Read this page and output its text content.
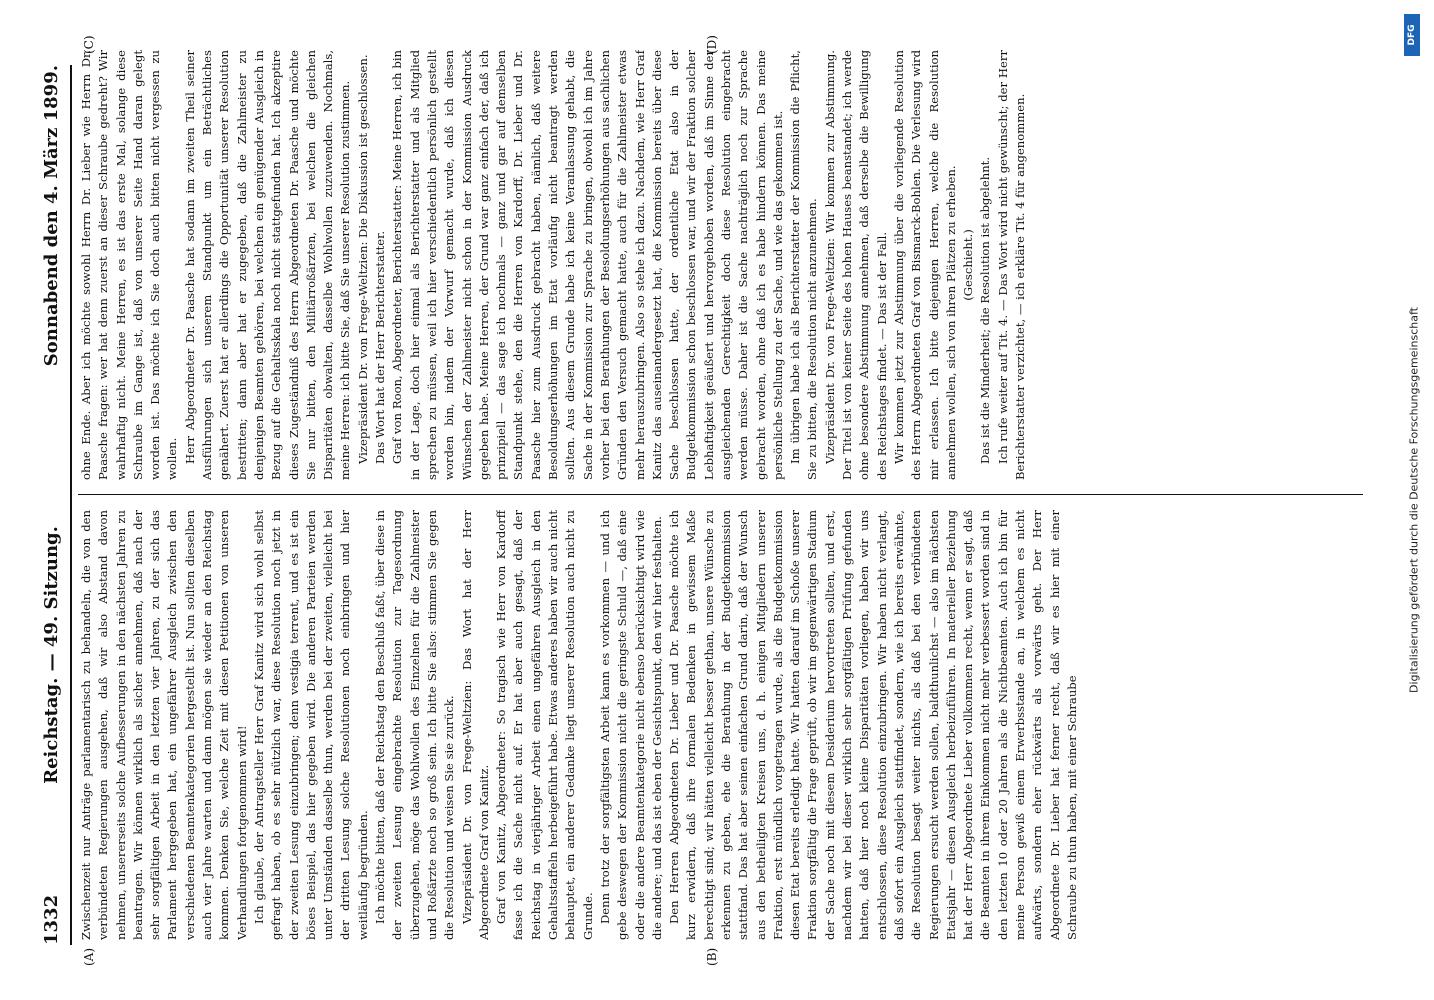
1332
Reichstag. — 49. Sitzung.
Sonnabend den 4. März 1899.
(A)	(B)
(C)	(D)

Zwischenzeit nur Anträge parlamentarisch zu behandeln, die von den verbündeten Regierungen ausgehen, daß wir also Abstand davon nehmen, unsererseits solche Aufbesserungen in den nächsten Jahren zu beantragen. Wir können wirklich als sicher annehmen, daß nach der sehr sorgfältigen Arbeit in den letzten vier Jahren, zu der sich das Parlament hergegeben hat, ein ungefährer Ausgleich zwischen den verschiedenen Beamtenkategorien hergestellt ist. Nun sollten dieselben auch vier Jahre warten und dann mögen sie wieder an den Reichstag kommen. Denken Sie, welche Zeit mit diesen Petitionen von unseren Verhandlungen fortgenommen wird! Ich glaube, der Antragsteller Herr Graf Kanitz wird sich wohl selbst gefragt haben, ob es sehr nützlich war, diese Resolution noch jetzt in der zweiten Lesung einzubringen; denn vestigia terrent, und es ist ein böses Beispiel, das hier gegeben wird. Die anderen Parteien werden unter Umständen dasselbe thun, werden bei der zweiten, vielleicht bei der dritten Lesung solche Resolutionen noch einbringen und hier weitläufig begründen. Ich möchte bitten, daß der Reichstag den Beschluß faßt, über diese in der zweiten Lesung eingebrachte Resolution zur Tagesordnung überzugehen, möge das Wohlwollen des Einzelnen für die Zahlmeister und Roßärzte noch so groß sein. Ich bitte Sie also: stimmen Sie gegen die Resolution und weisen Sie sie zurück. Vizepräsident Dr. von Frege-Weltzien: Das Wort hat der Herr Abgeordnete Graf von Kanitz. Graf von Kanitz, Abgeordneter: So tragisch wie Herr von Kardorff fasse ich die Sache nicht auf. Er hat aber auch gesagt, daß der Reichstag in vierjähriger Arbeit einen ungefähren Ausgleich in den Gehaltsstaffeln herbeigeführt habe. Etwas anderes haben wir auch nicht behauptet, ein anderer Gedanke liegt unserer Resolution auch nicht zu Grunde. Denn trotz der sorgfältigsten Arbeit kann es vorkommen — und ich gebe deswegen der Kommission nicht die geringste Schuld —, daß eine oder die andere Beamtenkategorie nicht ebenso berücksichtigt wird wie die andere; und das ist eben der Gesichtspunkt, den wir hier festhalten. Den Herren Abgeordneten Dr. Lieber und Dr. Paasche möchte ich kurz erwidern, daß ihre formalen Bedenken in gewissem Maße berechtigt sind; wir hätten vielleicht besser gethan, unsere Wünsche zu erkennen zu geben, ehe die Berathung in der Budgetkommission stattfand. Das hat aber seinen einfachen Grund darin, daß der Wunsch aus den betheiligten Kreisen uns, d. h. einigen Mitgliedern unserer Fraktion, erst mündlich vorgetragen wurde, als die Budgetkommission diesen Etat bereits erledigt hatte. Wir hatten darauf im Schoße unserer Fraktion sorgfältig die Frage geprüft, ob wir im gegenwärtigen Stadium der Sache noch mit diesem Desiderium hervortreten sollten, und erst, nachdem wir bei dieser wirklich sehr sorgfältigen Prüfung gefunden hatten, daß hier noch kleine Disparitäten vorliegen, haben wir uns entschlossen, diese Resolution einzubringen. Wir haben nicht verlangt, daß sofort ein Ausgleich stattfindet, sondern, wie ich bereits erwähnte, die Resolution besagt weiter nichts, als daß bei den verbündeten Regierungen ersucht werden sollen, baldthunlichst — also im nächsten Etatsjahr — diesen Ausgleich herbeizuführen. In materieller Beziehung hat der Herr Abgeordnete Lieber vollkommen recht, wenn er sagt, daß die Beamten in ihrem Einkommen nicht mehr verbessert worden sind in den letzten 10 oder 20 Jahren als die Nichtbeamten. Auch ich bin für meine Person gewiß einem Erwerbsstande an, in welchem es nicht aufwärts, sondern eher rückwärts als vorwärts geht. Der Herr Abgeordnete Dr. Lieber hat ferner recht, daß wir es hier mit einer Schraube zu thun haben, mit einer Schraube

ohne Ende. Aber ich möchte sowohl Herrn Dr. Lieber wie Herrn Dr. Paasche fragen: wer hat denn zuerst an dieser Schraube gedreht? Wir wahrhaftig nicht. Meine Herren, es ist das erste Mal, solange diese Schraube im Gange ist, daß von unserer Seite Hand daran gelegt worden ist. Das möchte ich Sie doch auch bitten nicht vergessen zu wollen. Herr Abgeordneter Dr. Paasche hat sodann im zweiten Theil seiner Ausführungen sich unserem Standpunkt um ein Beträchtliches genähert. Zuerst hat er allerdings die Opportunität unserer Resolution bestritten; dann aber hat er zugegeben, daß die Zahlmeister zu denjenigen Beamten gehören, bei welchen ein genügender Ausgleich in Bezug auf die Gehaltsskala noch nicht stattgefunden hat. Ich akzeptire dieses Zugeständniß des Herrn Abgeordneten Dr. Paasche und möchte Sie nur bitten, den Militärroßärzten, bei welchen die gleichen Disparitäten obwalten, dasselbe Wohlwollen zuzuwenden. Nochmals, meine Herren: ich bitte Sie, daß Sie unserer Resolution zustimmen. Vizepräsident Dr. von Frege-Weltzien: Die Diskussion ist geschlossen. Das Wort hat der Herr Berichterstatter. Graf von Roon, Abgeordneter, Berichterstatter: Meine Herren, ich bin in der Lage, doch hier einmal als Berichterstatter und als Mitglied sprechen zu müssen, weil ich hier verschiedentlich persönlich gestellt worden bin, indem der Vorwurf gemacht wurde, daß ich diesen Wünschen der Zahlmeister nicht schon in der Kommission Ausdruck gegeben habe. Meine Herren, der Grund war ganz einfach der, daß ich prinzipiell — das sage ich nochmals — ganz und gar auf demselben Standpunkt stehe, den die Herren von Kardorff, Dr. Lieber und Dr. Paasche hier zum Ausdruck gebracht haben, nämlich, daß weitere Besoldungserhöhungen im Etat vorläufig nicht beantragt werden sollten. Aus diesem Grunde habe ich keine Veranlassung gehabt, die Sache in der Kommission zur Sprache zu bringen, obwohl ich im Jahre vorher bei den Berathungen der Besoldungserhöhungen aus sachlichen Gründen den Versuch gemacht hatte, auch für die Zahlmeister etwas mehr herauszubringen. Also so stehe ich dazu. Nachdem, wie Herr Graf Kanitz das auseinandergesetzt hat, die Kommission bereits über diese Sache beschlossen hatte, der ordentliche Etat also in der Budgetkommission schon beschlossen war, und wir der Fraktion solcher Lebhaftigkeit geäußert und hervorgehoben worden, daß im Sinne der ausgleichenden Gerechtigkeit doch diese Resolution eingebracht werden müsse. Daher ist die Sache nachträglich noch zur Sprache gebracht worden, ohne daß ich es habe hindern können. Das meine persönliche Stellung zu der Sache, und wie das gekommen ist. Im übrigen habe ich als Berichterstatter der Kommission die Pflicht, Sie zu bitten, die Resolution nicht anzunehmen. Vizepräsident Dr. von Frege-Weltzien: Wir kommen zur Abstimmung. Der Titel ist von keiner Seite des hohen Hauses beanstandet; ich werde ohne besondere Abstimmung annehmen, daß derselbe die Bewilligung des Reichstages findet. — Das ist der Fall. Wir kommen jetzt zur Abstimmung über die vorliegende Resolution des Herrn Abgeordneten Graf von Bismarck-Bohlen. Die Verlesung wird mir erlassen. Ich bitte diejenigen Herren, welche die Resolution annehmen wollen, sich von ihren Plätzen zu erheben. (Geschieht.) Das ist die Minderheit; die Resolution ist abgelehnt. Ich rufe weiter auf Tit. 4. — Das Wort wird nicht gewünscht; der Herr Berichterstatter verzichtet, — ich erkläre Tit. 4 für angenommen.

DFG
Digitalisierung gefördert durch die Deutsche Forschungsgemeinschaft
